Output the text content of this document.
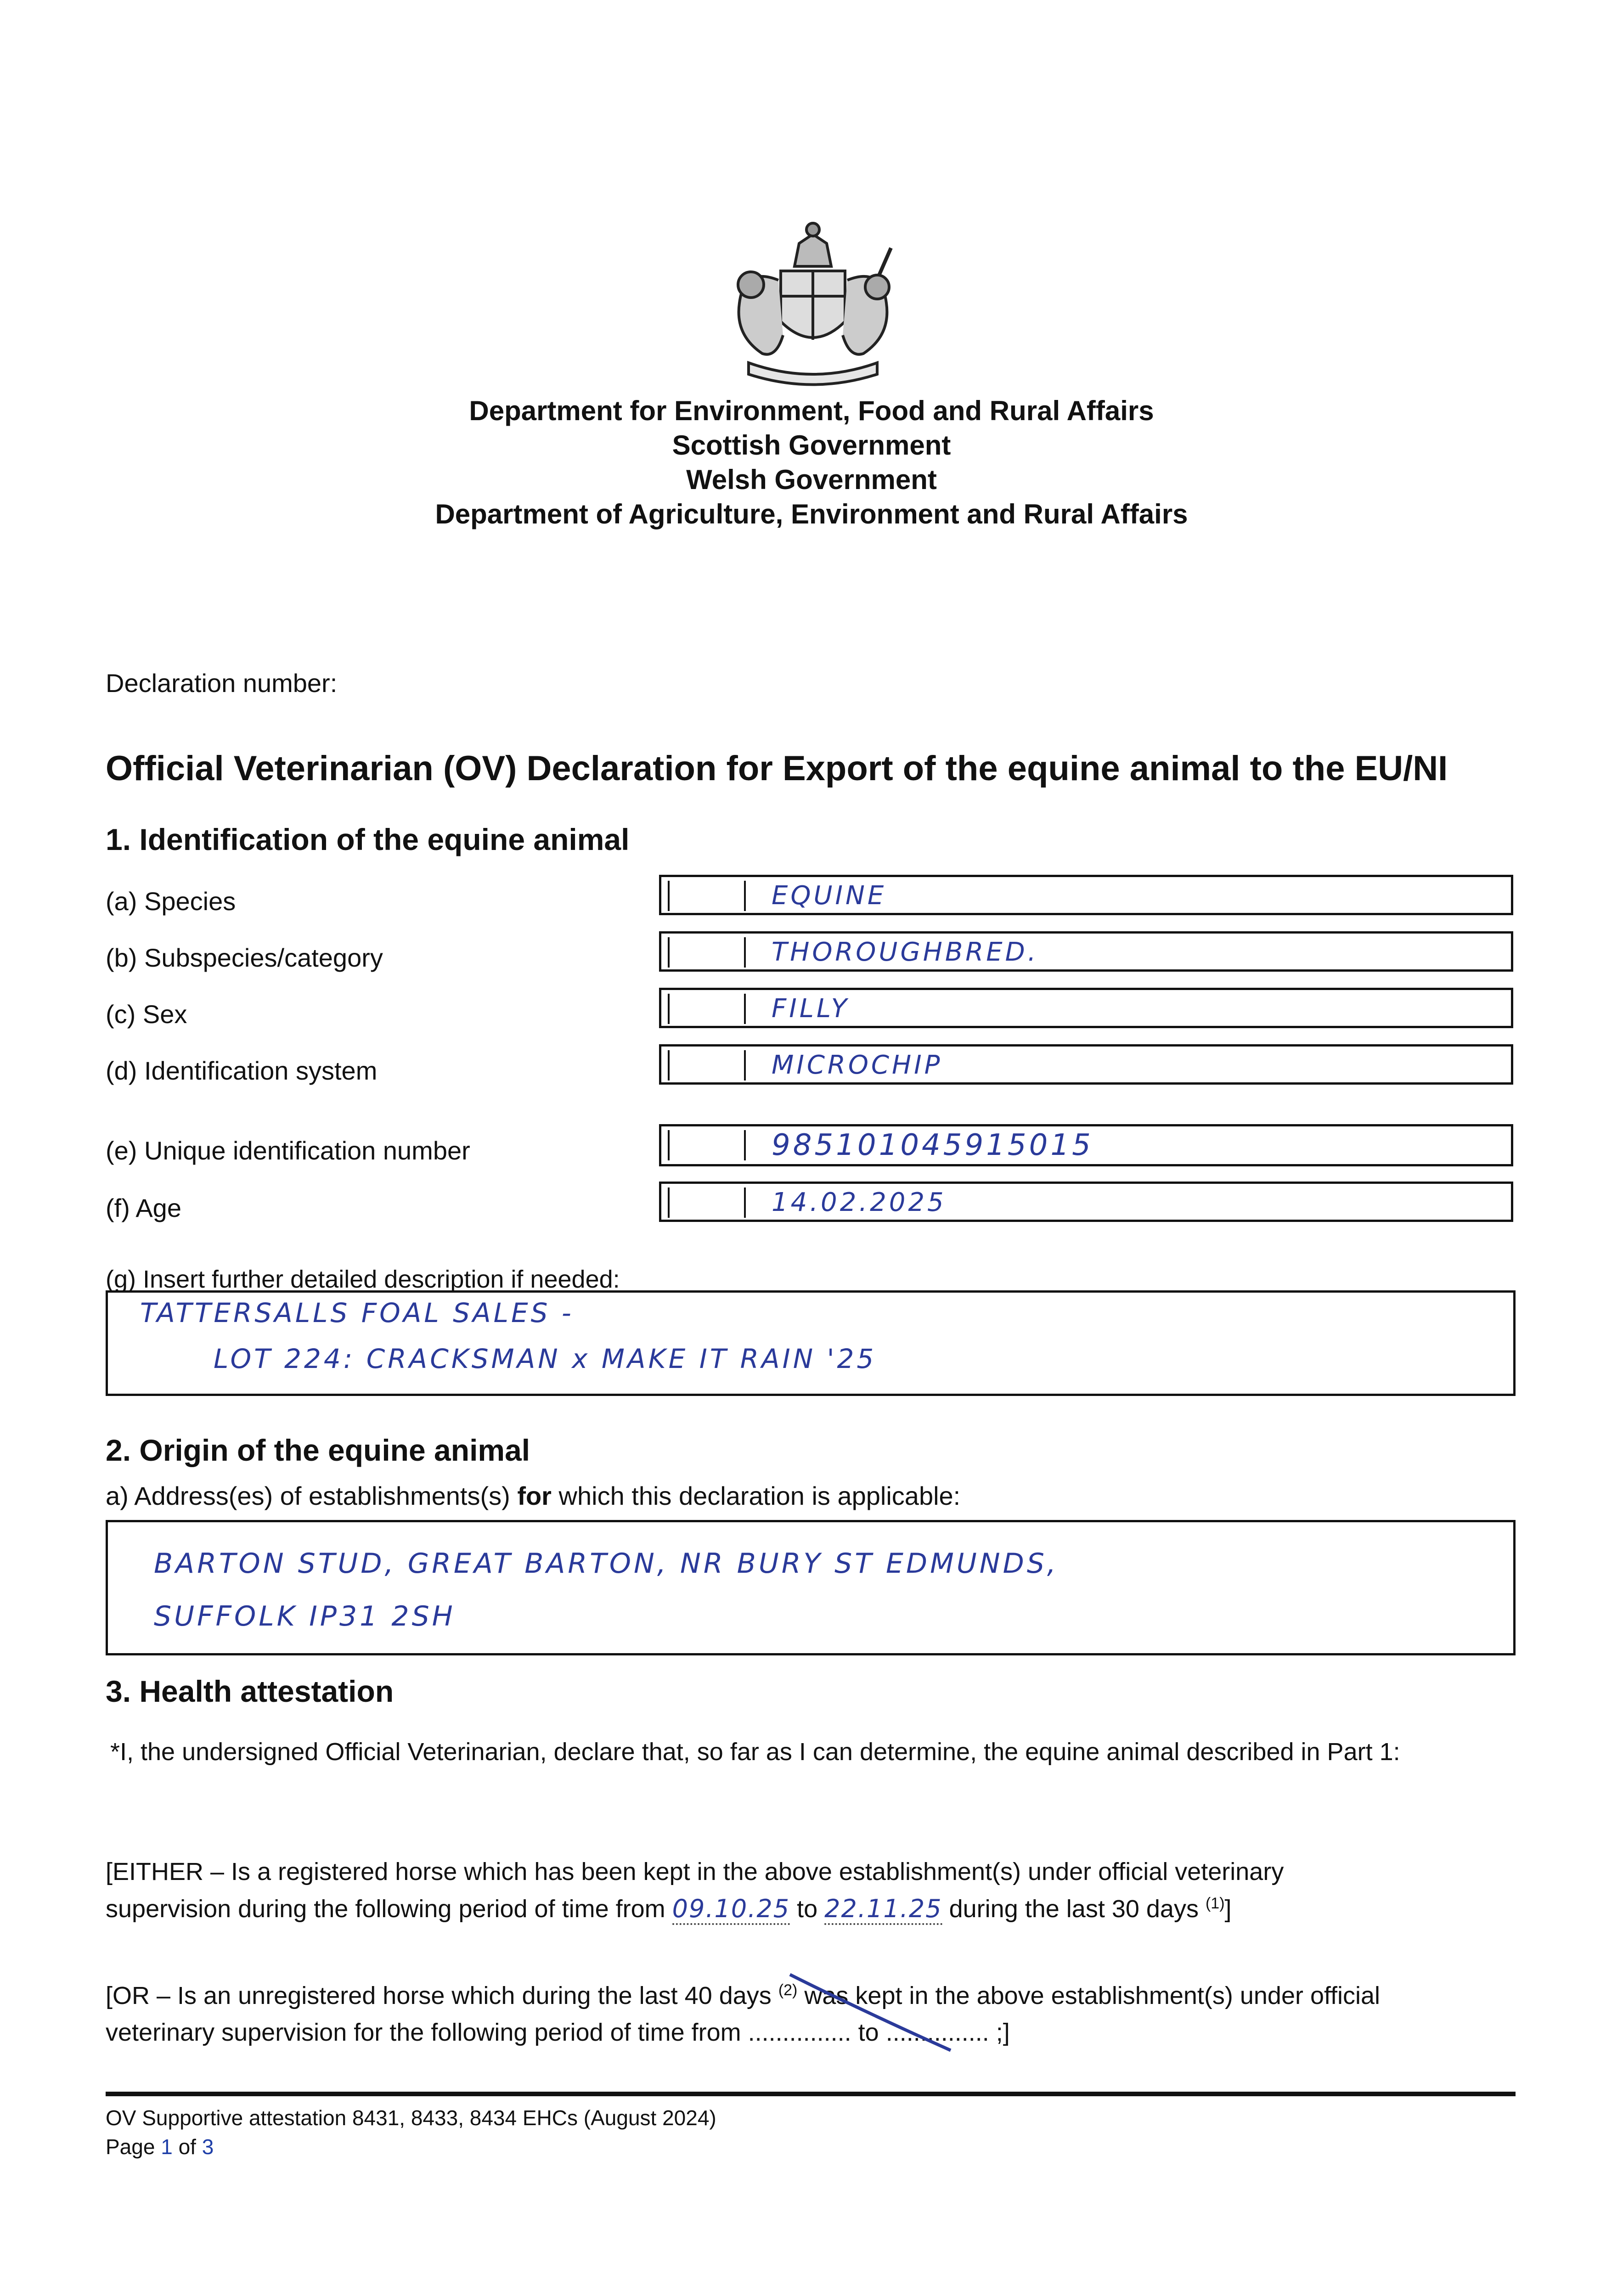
Department for Environment, Food and Rural Affairs
Scottish Government
Welsh Government
Department of Agriculture, Environment and Rural Affairs
Declaration number:
Official Veterinarian (OV) Declaration for Export of the equine animal to the EU/NI
1. Identification of the equine animal
(a) Species	EQUINE
(b) Subspecies/category	THOROUGHBRED.
(c) Sex	FILLY
(d) Identification system	MICROCHIP
(e) Unique identification number	985101045915015
(f) Age	14.02.2025
(g) Insert further detailed description if needed:
TATTERSALLS FOAL SALES -
LOT 224: CRACKSMAN x MAKE IT RAIN '25
2. Origin of the equine animal
a) Address(es) of establishments(s) for which this declaration is applicable:
BARTON STUD, GREAT BARTON, NR BURY ST EDMUNDS,
SUFFOLK IP31 2SH
3. Health attestation
*I, the undersigned Official Veterinarian, declare that, so far as I can determine, the equine animal described in Part 1:
[EITHER – Is a registered horse which has been kept in the above establishment(s) under official veterinary
supervision during the following period of time from 09.10.25 to 22.11.25 during the last 30 days $^{(1)}$]
[OR – Is an unregistered horse which during the last 40 days $^{(2)}$ was kept in the above establishment(s) under official
veterinary supervision for the following period of time from ............... to ............... ;]
OV Supportive attestation 8431, 8433, 8434 EHCs (August 2024)
Page 1 of 3
